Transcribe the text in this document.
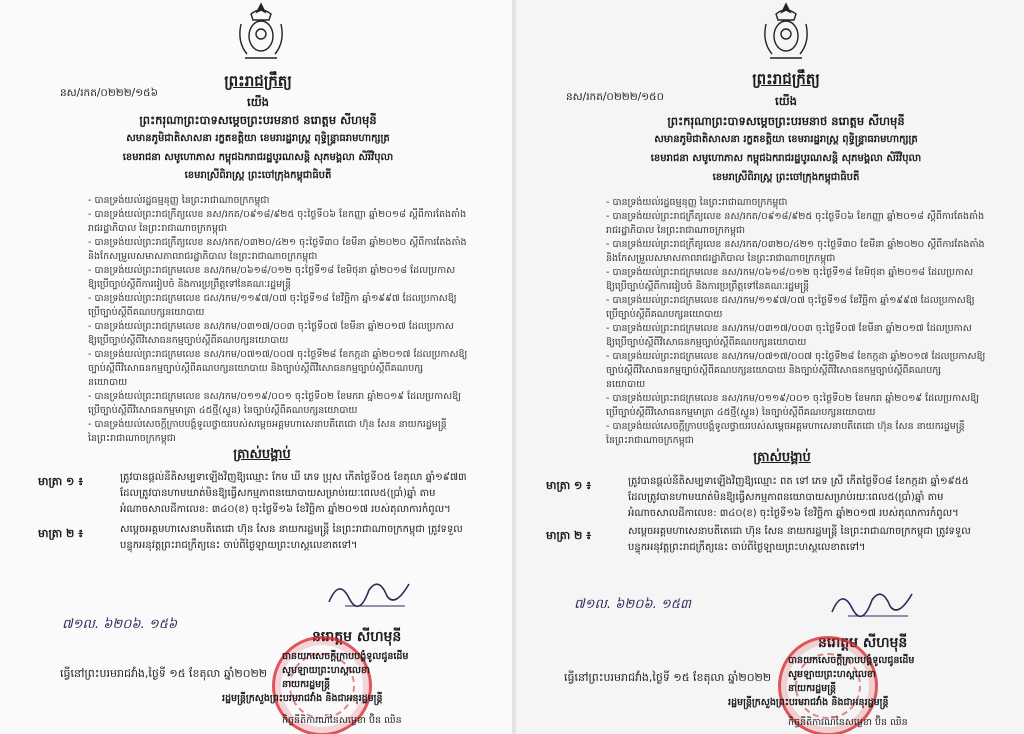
នស/រកត/០២២២/១៥៦
ព្រះរាជក្រឹត្យ
យើង
ព្រះករុណាព្រះបាទសម្តេចព្រះបរមនាថ នរោត្តម សីហមុនី
សមានភូមិជាតិសាសនា រក្ខតខត្តិយា ខេមរារដ្ឋរាស្ត្រ ពុទ្ធិន្ទ្រាធរាមហាក្សត្រ
ខេមរាជនា សមូហោភាស កម្ពុជឯករាជរដ្ឋបូរណសន្តិ សុភមង្គលា សិរីវិបុលា
ខេមរាស្រីពិរាស្ត្រ ព្រះចៅក្រុងកម្ពុជាធិបតី
- បានទ្រង់យល់រដ្ឋធម្មនុញ្ញ នៃព្រះរាជាណាចក្រកម្ពុជា
- បានទ្រង់យល់ព្រះរាជក្រឹត្យលេខ នស/រកត/០៩១៨/៩២៥ ចុះថ្ងៃទី០៦ ខែកញ្ញា ឆ្នាំ២០១៨ ស្តីពីការតែងតាំង
រាជរដ្ឋាភិបាល នៃព្រះរាជាណាចក្រកម្ពុជា
- បានទ្រង់យល់ព្រះរាជក្រឹត្យលេខ នស/រកត/០៣២០/៤២១ ចុះថ្ងៃទី៣០ ខែមីនា ឆ្នាំ២០២០ ស្តីពីការតែងតាំង
និងកែសម្រួលសមាសភាពរាជរដ្ឋាភិបាល នៃព្រះរាជាណាចក្រកម្ពុជា
- បានទ្រង់យល់ព្រះរាជក្រមលេខ នស/រកម/០៦១៨/០១២ ចុះថ្ងៃទី១៨ ខែមិថុនា ឆ្នាំ២០១៨ ដែលប្រកាស
ឱ្យប្រើច្បាប់ស្តីពីការរៀបចំ និងការប្រព្រឹត្តទៅនៃគណៈរដ្ឋមន្ត្រី
- បានទ្រង់យល់ព្រះរាជក្រមលេខ ជស/រកម/១១៩៧/០៧ ចុះថ្ងៃទី១៨ ខែវិច្ឆិកា ឆ្នាំ១៩៩៧ ដែលប្រកាសឱ្យ
ប្រើច្បាប់ស្តីពីគណបក្សនយោបាយ
- បានទ្រង់យល់ព្រះរាជក្រមលេខ នស/រកម/០៣១៧/០០៣ ចុះថ្ងៃទី០៧ ខែមីនា ឆ្នាំ២០១៧ ដែលប្រកាស
ឱ្យប្រើច្បាប់ស្តីពីវិសោធនកម្មច្បាប់ស្តីពីគណបក្សនយោបាយ
- បានទ្រង់យល់ព្រះរាជក្រមលេខ នស/រកម/០៧១៧/០០៧ ចុះថ្ងៃទី២៨ ខែកក្កដា ឆ្នាំ២០១៧ ដែលប្រកាសឱ្យ
ច្បាប់ស្តីពីវិសោធនកម្មច្បាប់ស្តីពីគណបក្សនយោបាយ និងច្បាប់ស្តីពីវិសោធនកម្មច្បាប់ស្តីពីគណបក្ស
នយោបាយ
- បានទ្រង់យល់ព្រះរាជក្រមលេខ នស/រកម/០១១៩/០០១ ចុះថ្ងៃទី០២ ខែមករា ឆ្នាំ២០១៩ ដែលប្រកាសឱ្យ
ប្រើច្បាប់ស្តីពីវិសោធនកម្មមាត្រា ៤៥ថ្មី(ស្ទួន) នៃច្បាប់ស្តីពីគណបក្សនយោបាយ
- បានទ្រង់យល់សេចក្តីក្រាបបង្គំទូលថ្វាយរបស់សម្តេចអគ្គមហាសេនាបតីតេជោ ហ៊ុន សែន នាយករដ្ឋមន្ត្រី
នៃព្រះរាជាណាចក្រកម្ពុជា
ត្រាស់បង្គាប់
មាត្រា ១ ៖	ត្រូវបានផ្តល់នីតិសម្បទាឡើងវិញឱ្យឈ្មោះ កែម ឃី ភេទ ប្រុស កើតថ្ងៃទី០៥ ខែតុលា ឆ្នាំ១៩៧៣ ដែលត្រូវបានហាមឃាត់មិនឱ្យធ្វើសកម្មភាពនយោបាយសម្រាប់រយៈពេល៥(ប្រាំ)ឆ្នាំ តាមអំណាចសាលដីកាលេខ: ៣៤០(ខ) ចុះថ្ងៃទី១៦ ខែវិច្ឆិកា ឆ្នាំ២០១៧ របស់តុលាការកំពូល។
មាត្រា ២ ៖	សម្តេចអគ្គមហាសេនាបតីតេជោ ហ៊ុន សែន នាយករដ្ឋមន្ត្រី នៃព្រះរាជាណាចក្រកម្ពុជា ត្រូវទទួលបន្ទុកអនុវត្តព្រះរាជក្រឹត្យនេះ ចាប់ពីថ្ងៃឡាយព្រះហស្តលេខាតទៅ។
៧១ល. ៦២០៦. ១៥៦
នរោត្តម សីហមុនី
ធ្វើនៅព្រះបរមរាជវាំង,ថ្ងៃទី ១៥ ខែតុលា ឆ្នាំ២០២២
បានយកសេចក្តីក្រាបបង្គំទូលជូនដើម
សូមឡាយព្រះហស្តលេខា
នាយករដ្ឋមន្ត្រី
រដ្ឋមន្ត្រីក្រសួងព្រះបរមរាជវាំង និងជាអនុរដ្ឋមន្ត្រី
កិច្ចនីតិការណ៍នៃសម្លេខា ប៊ិន ឈិន
នស/រកត/០២២២/១៥០
ព្រះរាជក្រឹត្យ
យើង
ព្រះករុណាព្រះបាទសម្តេចព្រះបរមនាថ នរោត្តម សីហមុនី
សមានភូមិជាតិសាសនា រក្ខតខត្តិយា ខេមរារដ្ឋរាស្ត្រ ពុទ្ធិន្ទ្រាធរាមហាក្សត្រ
ខេមរាជនា សមូហោភាស កម្ពុជឯករាជរដ្ឋបូរណសន្តិ សុភមង្គលា សិរីវិបុលា
ខេមរាស្រីពិរាស្ត្រ ព្រះចៅក្រុងកម្ពុជាធិបតី
- បានទ្រង់យល់រដ្ឋធម្មនុញ្ញ នៃព្រះរាជាណាចក្រកម្ពុជា
- បានទ្រង់យល់ព្រះរាជក្រឹត្យលេខ នស/រកត/០៩១៨/៩២៥ ចុះថ្ងៃទី០៦ ខែកញ្ញា ឆ្នាំ២០១៨ ស្តីពីការតែងតាំង
រាជរដ្ឋាភិបាល នៃព្រះរាជាណាចក្រកម្ពុជា
- បានទ្រង់យល់ព្រះរាជក្រឹត្យលេខ នស/រកត/០៣២០/៤២១ ចុះថ្ងៃទី៣០ ខែមីនា ឆ្នាំ២០២០ ស្តីពីការតែងតាំង
និងកែសម្រួលសមាសភាពរាជរដ្ឋាភិបាល នៃព្រះរាជាណាចក្រកម្ពុជា
- បានទ្រង់យល់ព្រះរាជក្រមលេខ នស/រកម/០៦១៨/០១២ ចុះថ្ងៃទី១៨ ខែមិថុនា ឆ្នាំ២០១៨ ដែលប្រកាស
ឱ្យប្រើច្បាប់ស្តីពីការរៀបចំ និងការប្រព្រឹត្តទៅនៃគណៈរដ្ឋមន្ត្រី
- បានទ្រង់យល់ព្រះរាជក្រមលេខ ជស/រកម/១១៩៧/០៧ ចុះថ្ងៃទី១៨ ខែវិច្ឆិកា ឆ្នាំ១៩៩៧ ដែលប្រកាសឱ្យ
ប្រើច្បាប់ស្តីពីគណបក្សនយោបាយ
- បានទ្រង់យល់ព្រះរាជក្រមលេខ នស/រកម/០៣១៧/០០៣ ចុះថ្ងៃទី០៧ ខែមីនា ឆ្នាំ២០១៧ ដែលប្រកាស
ឱ្យប្រើច្បាប់ស្តីពីវិសោធនកម្មច្បាប់ស្តីពីគណបក្សនយោបាយ
- បានទ្រង់យល់ព្រះរាជក្រមលេខ នស/រកម/០៧១៧/០០៧ ចុះថ្ងៃទី២៨ ខែកក្កដា ឆ្នាំ២០១៧ ដែលប្រកាសឱ្យ
ច្បាប់ស្តីពីវិសោធនកម្មច្បាប់ស្តីពីគណបក្សនយោបាយ និងច្បាប់ស្តីពីវិសោធនកម្មច្បាប់ស្តីពីគណបក្ស
នយោបាយ
- បានទ្រង់យល់ព្រះរាជក្រមលេខ នស/រកម/០១១៩/០០១ ចុះថ្ងៃទី០២ ខែមករា ឆ្នាំ២០១៩ ដែលប្រកាសឱ្យ
ប្រើច្បាប់ស្តីពីវិសោធនកម្មមាត្រា ៤៥ថ្មី(ស្ទួន) នៃច្បាប់ស្តីពីគណបក្សនយោបាយ
- បានទ្រង់យល់សេចក្តីក្រាបបង្គំទូលថ្វាយរបស់សម្តេចអគ្គមហាសេនាបតីតេជោ ហ៊ុន សែន នាយករដ្ឋមន្ត្រី
នៃព្រះរាជាណាចក្រកម្ពុជា
ត្រាស់បង្គាប់
មាត្រា ១ ៖	ត្រូវបានផ្តល់នីតិសម្បទាឡើងវិញឱ្យឈ្មោះ ពត ទៅ ភេទ ស្រី កើតថ្ងៃទី០៨ ខែកក្កដា ឆ្នាំ១៩៥៥ ដែលត្រូវបានហាមឃាត់មិនឱ្យធ្វើសកម្មភាពនយោបាយសម្រាប់រយៈពេល៥(ប្រាំ)ឆ្នាំ តាមអំណាចសាលដីកាលេខ: ៣៤០(ខ) ចុះថ្ងៃទី១៦ ខែវិច្ឆិកា ឆ្នាំ២០១៧ របស់តុលាការកំពូល។
មាត្រា ២ ៖	សម្តេចអគ្គមហាសេនាបតីតេជោ ហ៊ុន សែន នាយករដ្ឋមន្ត្រី នៃព្រះរាជាណាចក្រកម្ពុជា ត្រូវទទួលបន្ទុកអនុវត្តព្រះរាជក្រឹត្យនេះ ចាប់ពីថ្ងៃឡាយព្រះហស្តលេខាតទៅ។
៧១ល. ៦២០៦. ១៥៣
នរោត្តម សីហមុនី
ធ្វើនៅព្រះបរមរាជវាំង,ថ្ងៃទី ១៥ ខែតុលា ឆ្នាំ២០២២
បានយកសេចក្តីក្រាបបង្គំទូលជូនដើម
សូមឡាយព្រះហស្តលេខា
នាយករដ្ឋមន្ត្រី
រដ្ឋមន្ត្រីក្រសួងព្រះបរមរាជវាំង និងជាអនុរដ្ឋមន្ត្រី
កិច្ចនីតិការណ៍នៃសម្លេខា ប៊ិន ឈិន
